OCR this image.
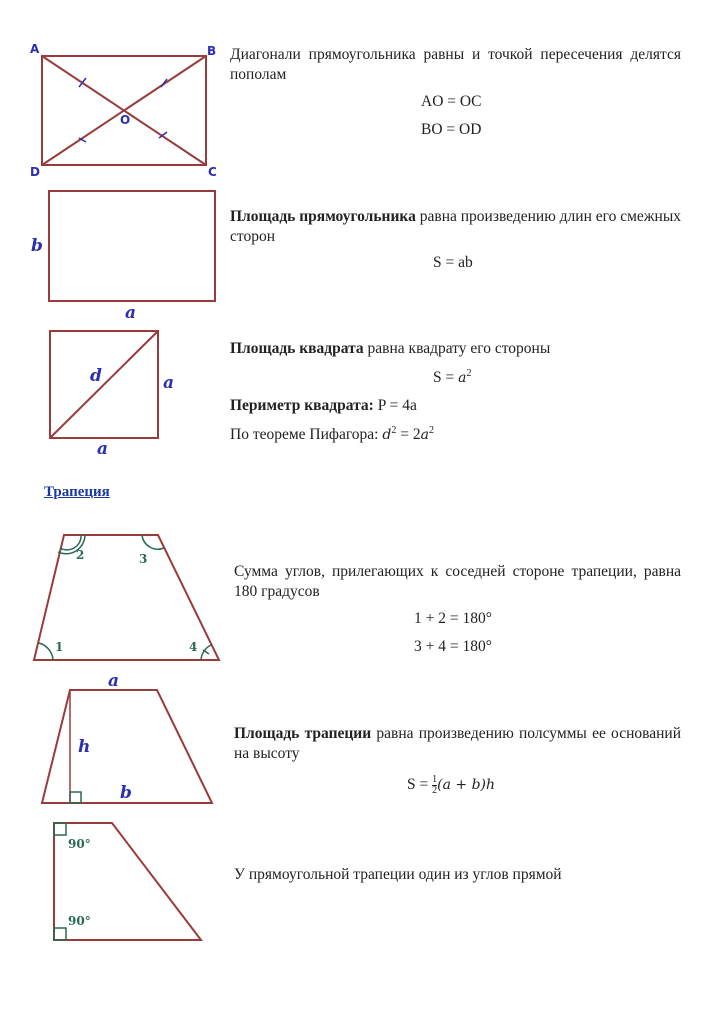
A	B
C
D
O
a
b
a
a
d
1
2	3
4
a
b
h
90°
90°
Диагонали прямоугольника равны и точкой пересечения делятся пополам
AO = OC
BO = OD
Площадь прямоугольника равна произведению длин его смежных сторон
S = ab
Площадь квадрата равна квадрату его стороны
$S = a^2$
Периметр квадрата: P = 4a
По теореме Пифагора: $d^2 = 2a^2$
Трапеция
Сумма углов, прилегающих к соседней стороне трапеции, равна 180 градусов
1 + 2 = 180°
3 + 4 = 180°
Площадь трапеции равна произведению полсуммы ее оснований на высоту
$S = \frac{1}{2} (a + b)h$
У прямоугольной трапеции один из углов прямой
